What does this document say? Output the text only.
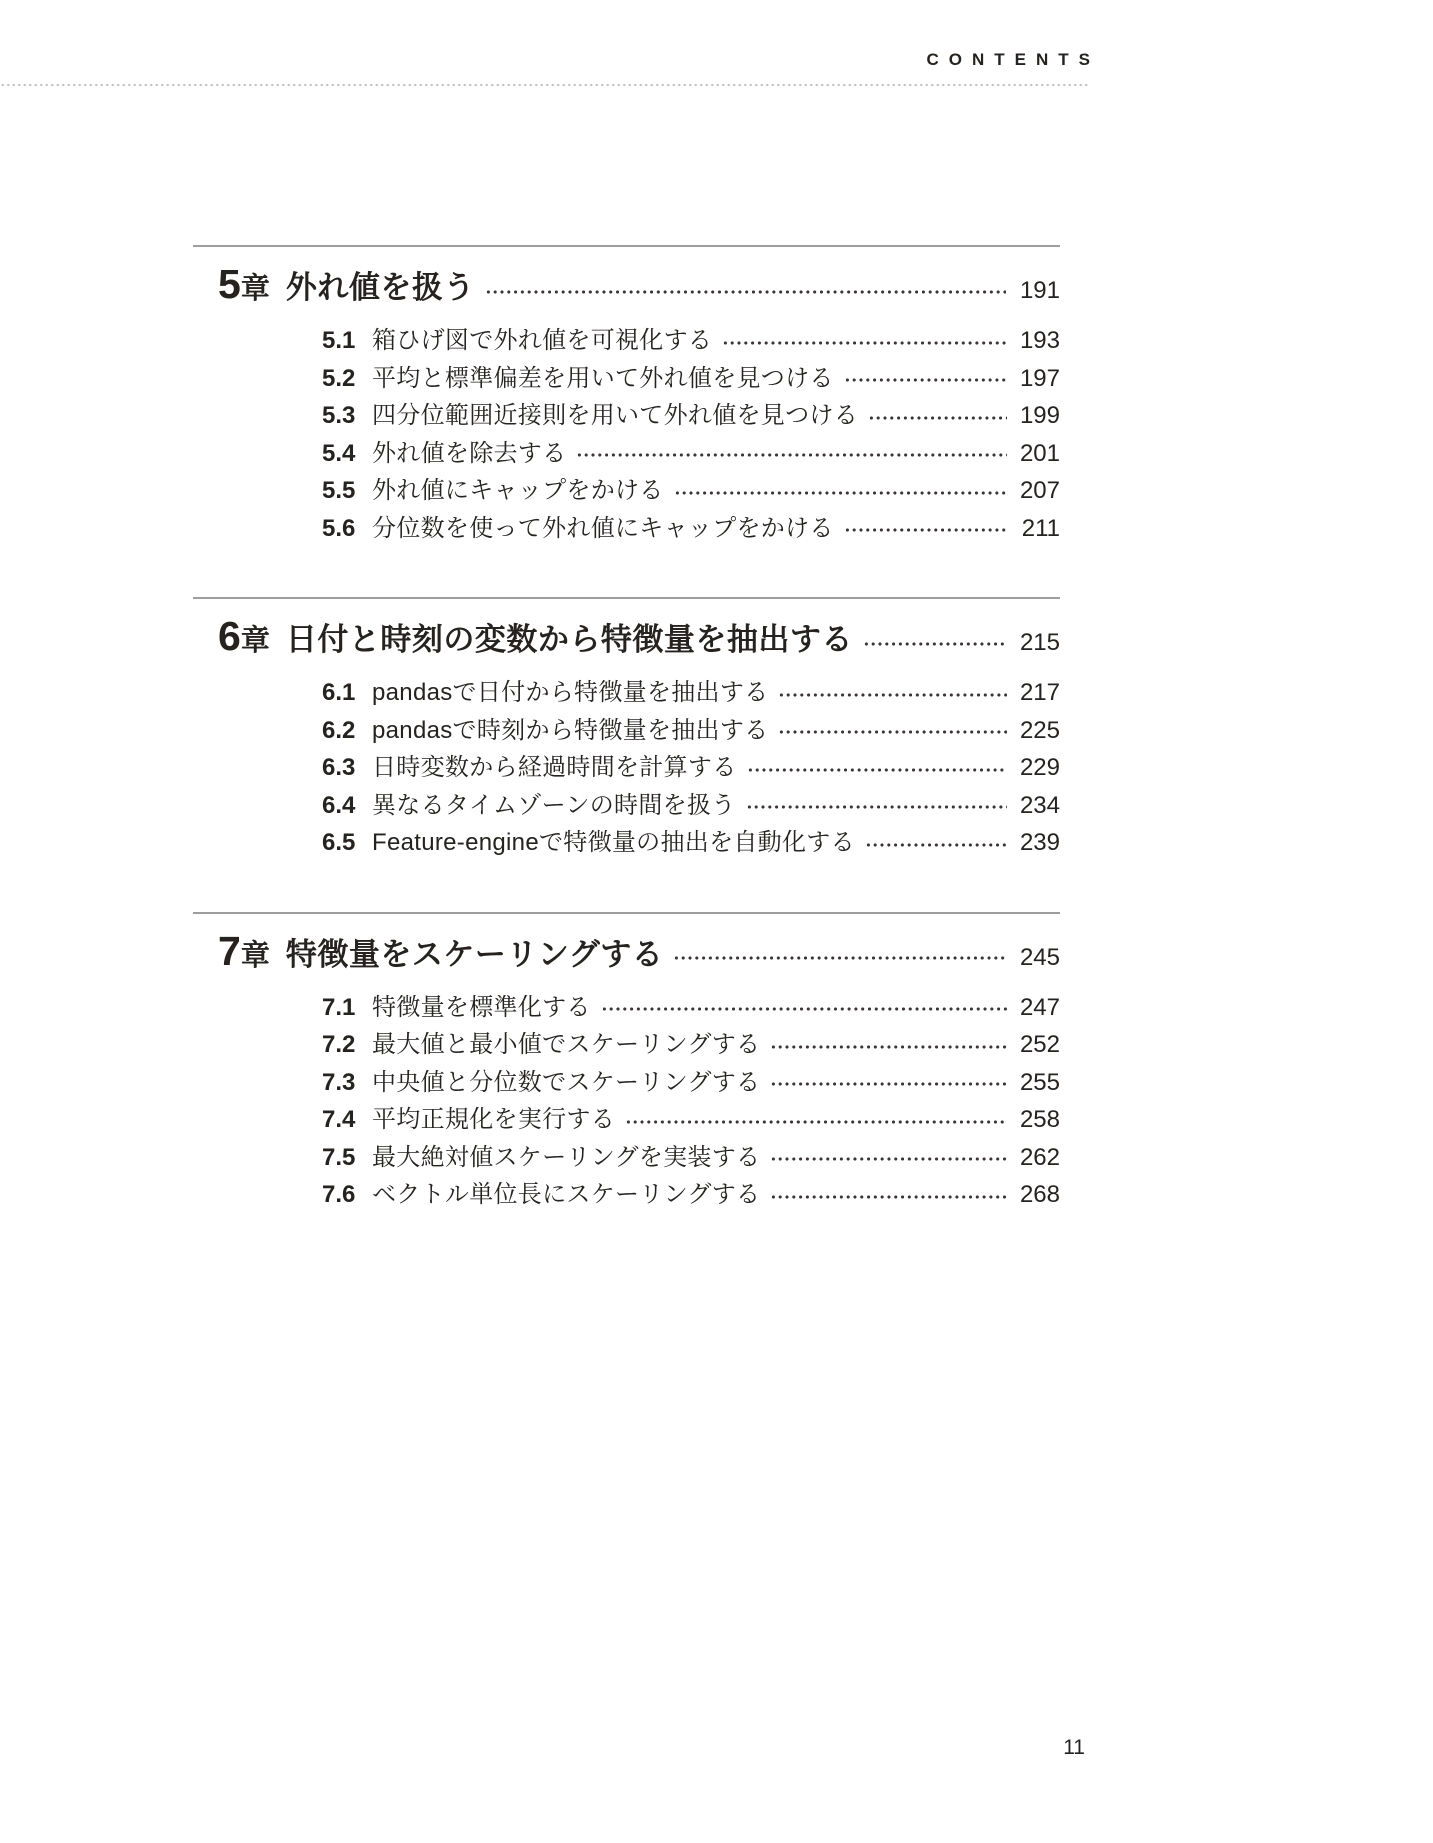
CONTENTS
5 章 外れ値を扱う	191
5.1 箱ひげ図で外れ値を可視化する	193
5.2 平均と標準偏差を用いて外れ値を見つける	197
5.3 四分位範囲近接則を用いて外れ値を見つける	199
5.4 外れ値を除去する	201
5.5 外れ値にキャップをかける	207
5.6 分位数を使って外れ値にキャップをかける	211
6 章 日付と時刻の変数から特徴量を抽出する	215
6.1 pandasで日付から特徴量を抽出する	217
6.2 pandasで時刻から特徴量を抽出する	225
6.3 日時変数から経過時間を計算する	229
6.4 異なるタイムゾーンの時間を扱う	234
6.5 Feature-engineで特徴量の抽出を自動化する	239
7 章 特徴量をスケーリングする	245
7.1 特徴量を標準化する	247
7.2 最大値と最小値でスケーリングする	252
7.3 中央値と分位数でスケーリングする	255
7.4 平均正規化を実行する	258
7.5 最大絶対値スケーリングを実装する	262
7.6 ベクトル単位長にスケーリングする	268
11
